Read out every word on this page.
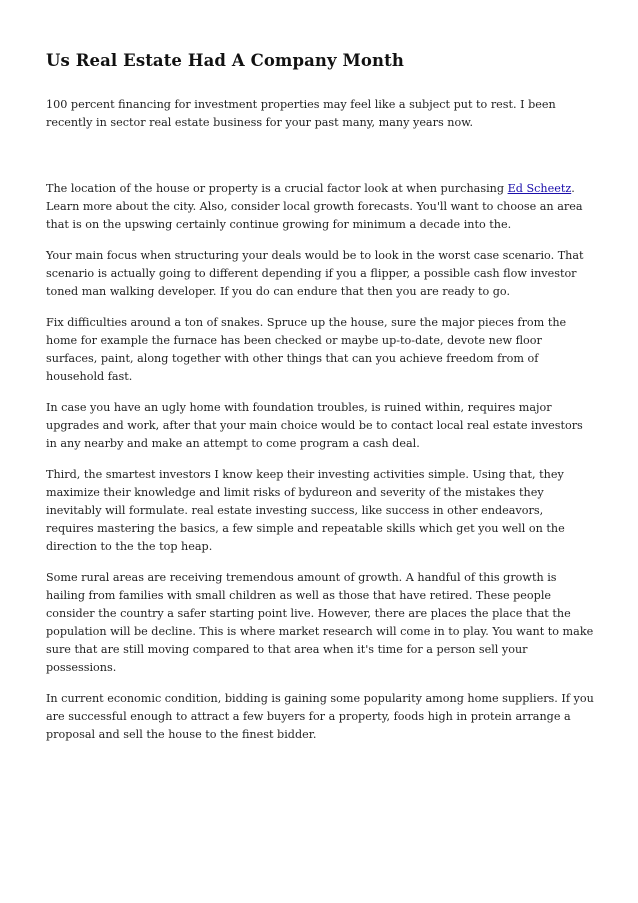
Us Real Estate Had A Company Month

100 percent financing for investment properties may feel like a subject put to rest. I been recently in sector real estate business for your past many, many years now.

The location of the house or property is a crucial factor look at when purchasing Ed Scheetz. Learn more about the city. Also, consider local growth forecasts. You'll want to choose an area that is on the upswing certainly continue growing for minimum a decade into the.

Your main focus when structuring your deals would be to look in the worst case scenario. That scenario is actually going to different depending if you a flipper, a possible cash flow investor toned man walking developer. If you do can endure that then you are ready to go.

Fix difficulties around a ton of snakes. Spruce up the house, sure the major pieces from the home for example the furnace has been checked or maybe up-to-date, devote new floor surfaces, paint, along together with other things that can you achieve freedom from of household fast.

In case you have an ugly home with foundation troubles, is ruined within, requires major upgrades and work, after that your main choice would be to contact local real estate investors in any nearby and make an attempt to come program a cash deal.

Third, the smartest investors I know keep their investing activities simple. Using that, they maximize their knowledge and limit risks of bydureon and severity of the mistakes they inevitably will formulate. real estate investing success, like success in other endeavors, requires mastering the basics, a few simple and repeatable skills which get you well on the direction to the the top heap.

Some rural areas are receiving tremendous amount of growth. A handful of this growth is hailing from families with small children as well as those that have retired. These people consider the country a safer starting point live. However, there are places the place that the population will be decline. This is where market research will come in to play. You want to make sure that are still moving compared to that area when it's time for a person sell your possessions.

In current economic condition, bidding is gaining some popularity among home suppliers. If you are successful enough to attract a few buyers for a property, foods high in protein arrange a proposal and sell the house to the finest bidder.
